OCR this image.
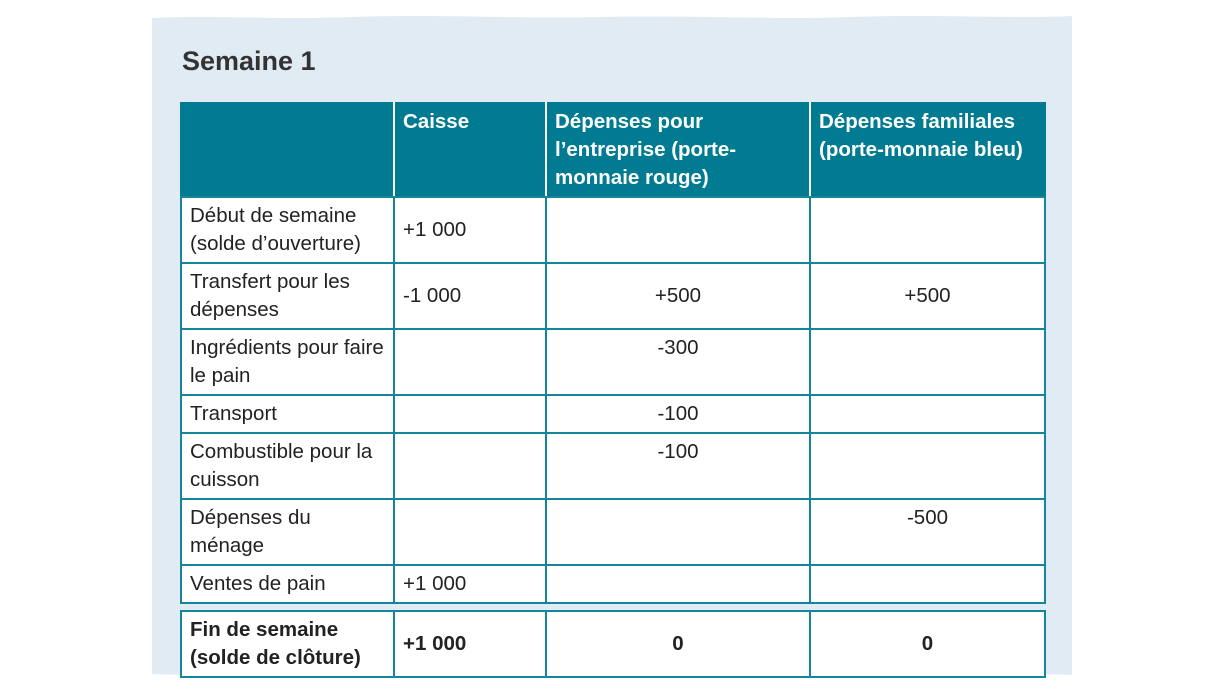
Semaine 1
	Caisse	Dépenses pour l’entreprise (porte-monnaie rouge)	Dépenses familiales (porte-monnaie bleu)
Début de semaine (solde d’ouverture)	+1 000		
Transfert pour les dépenses	-1 000	+500	+500
Ingrédients pour faire le pain		-300	
Transport		-100	
Combustible pour la cuisson		-100	
Dépenses du ménage			-500
Ventes de pain	+1 000		

Fin de semaine (solde de clôture)	+1 000	0	0
